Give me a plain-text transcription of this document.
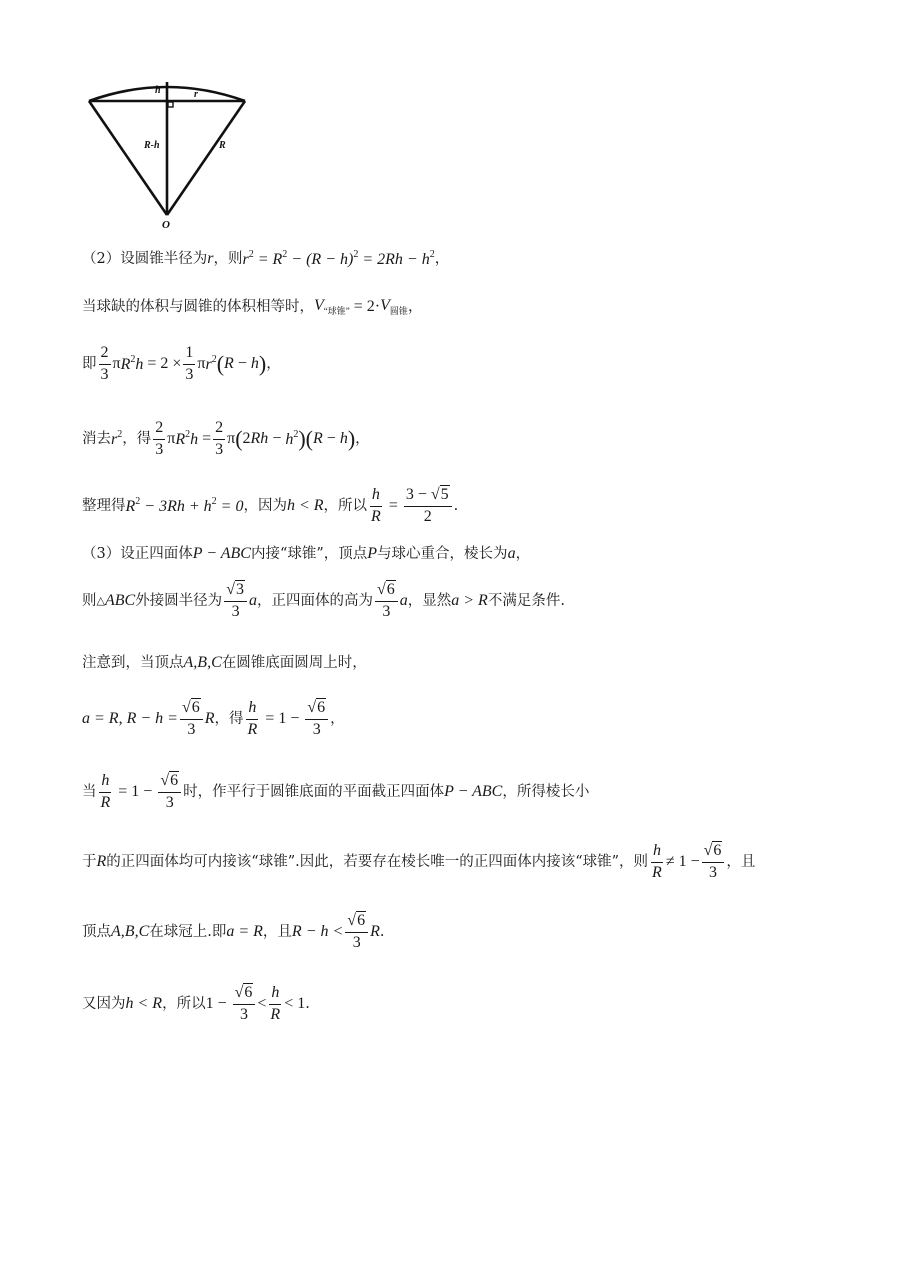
h	r
R-h	R
O
（2）设圆锥半径为 r ，则 $r^2 = R^2 - (R - h)^2 = 2Rh - h^2$ ，
当球缺的体积与圆锥的体积相等时， $V_{“球锥”} = 2\cdot V_{圆锥}$ ，
即 $\frac{2}{3}$ π $R^2h = 2 \times \frac{1}{3}$ π $r^2$ ( R − h ) ，
消去 $r^2$ ，得 $\frac{2}{3}$ π $R^2h = \frac{2}{3}$ π ( 2 $Rh - h^2$ ) ( R − h ) ，
整理得 $R^2 - 3Rh + h^2 = 0$ ，因为 h < R ，所以 $\frac{h}{R} = \frac{3 - √5}{2}$ .
（3）设正四面体 P − ABC 内接“球锥”，顶点 P 与球心重合，棱长为 a ，
则 △ ABC 外接圆半径为 $\frac{√3}{3}$ a ，正四面体的高为 $\frac{√6}{3}$ a ，显然 a > R 不满足条件.
注意到，当顶点 A,B,C 在圆锥底面圆周上时，
a = R, $R - h = \frac{√6}{3}$ R ，得 $\frac{h}{R} = 1 - \frac{√6}{3}$ ，
当 $\frac{h}{R} = 1 - \frac{√6}{3}$ 时，作平行于圆锥底面的平面截正四面体 P − ABC ，所得棱长小
于 R 的正四面体均可内接该“球锥”.因此，若要存在棱长唯一的正四面体内接该“球锥”，则 $\frac{h}{R} \ne 1 - \frac{√6}{3}$ ，且
顶点 A,B,C 在球冠上.即 a = R ，且 $R - h < \frac{√6}{3}$ R .
又因为 h < R ，所以 $1 - \frac{√6}{3} < \frac{h}{R} < 1$ .
